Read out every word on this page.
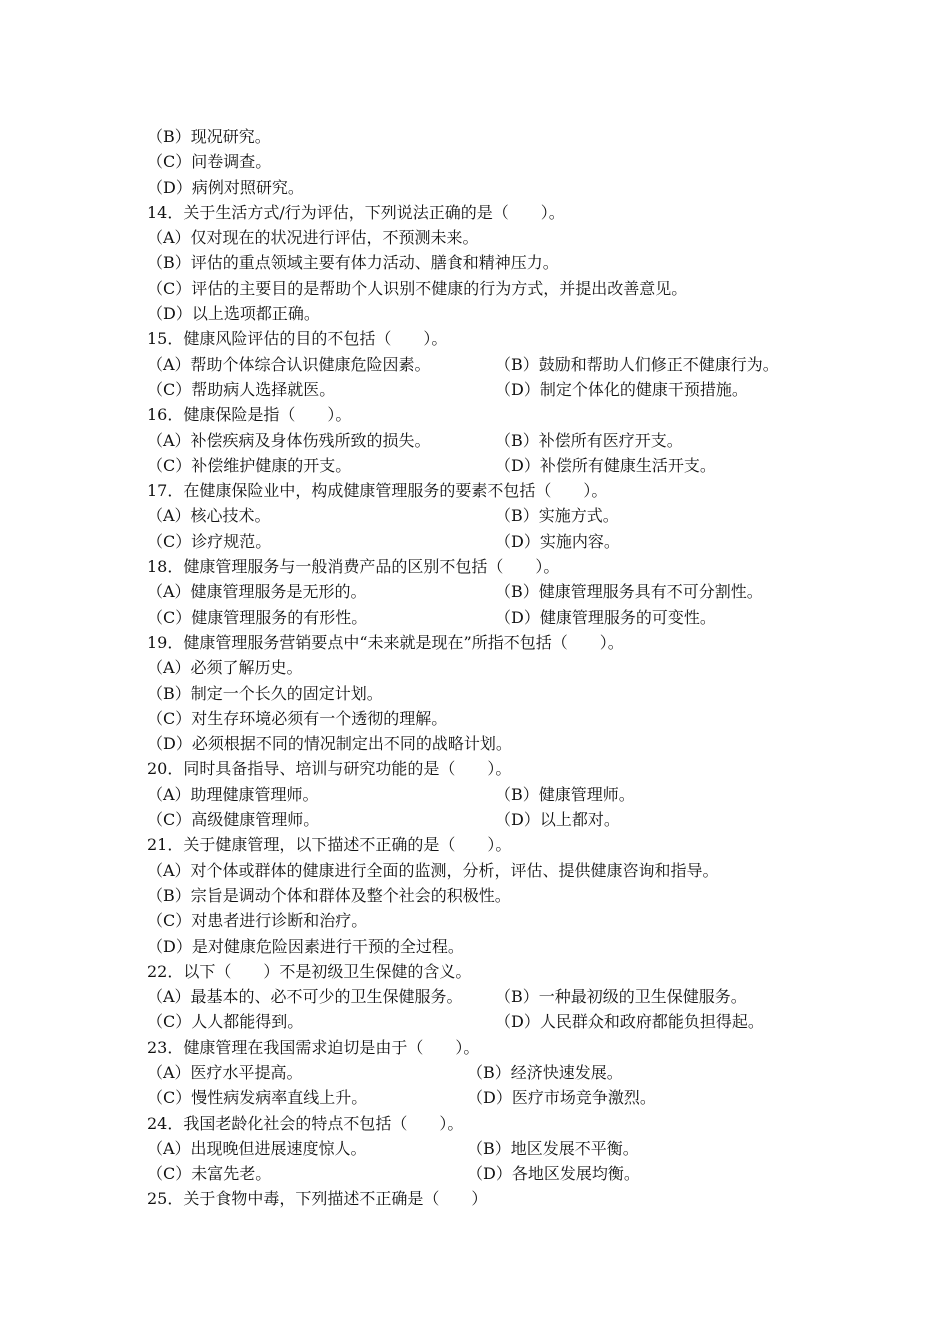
（B）现况研究。
（C）问卷调查。
（D）病例对照研究。
14．关于生活方式/行为评估，下列说法正确的是（　　）。
（A）仅对现在的状况进行评估，不预测未来。
（B）评估的重点领域主要有体力活动、膳食和精神压力。
（C）评估的主要目的是帮助个人识别不健康的行为方式，并提出改善意见。
（D）以上选项都正确。
15．健康风险评估的目的不包括（　　）。
（A）帮助个体综合认识健康危险因素。	（B）鼓励和帮助人们修正不健康行为。
（C）帮助病人选择就医。	（D）制定个体化的健康干预措施。
16．健康保险是指（　　）。
（A）补偿疾病及身体伤残所致的损失。	（B）补偿所有医疗开支。
（C）补偿维护健康的开支。	（D）补偿所有健康生活开支。
17．在健康保险业中，构成健康管理服务的要素不包括（　　）。
（A）核心技术。	（B）实施方式。
（C）诊疗规范。	（D）实施内容。
18．健康管理服务与一般消费产品的区别不包括（　　）。
（A）健康管理服务是无形的。	（B）健康管理服务具有不可分割性。
（C）健康管理服务的有形性。	（D）健康管理服务的可变性。
19．健康管理服务营销要点中“未来就是现在”所指不包括（　　）。
（A）必须了解历史。
（B）制定一个长久的固定计划。
（C）对生存环境必须有一个透彻的理解。
（D）必须根据不同的情况制定出不同的战略计划。
20．同时具备指导、培训与研究功能的是（　　）。
（A）助理健康管理师。	（B）健康管理师。
（C）高级健康管理师。	（D）以上都对。
21．关于健康管理，以下描述不正确的是（　　）。
（A）对个体或群体的健康进行全面的监测，分析，评估、提供健康咨询和指导。
（B）宗旨是调动个体和群体及整个社会的积极性。
（C）对患者进行诊断和治疗。
（D）是对健康危险因素进行干预的全过程。
22．以下（　　）不是初级卫生保健的含义。
（A）最基本的、必不可少的卫生保健服务。	（B）一种最初级的卫生保健服务。
（C）人人都能得到。	（D）人民群众和政府都能负担得起。
23．健康管理在我国需求迫切是由于（　　）。
（A）医疗水平提高。	（B）经济快速发展。
（C）慢性病发病率直线上升。	（D）医疗市场竞争激烈。
24．我国老龄化社会的特点不包括（　　）。
（A）出现晚但进展速度惊人。	（B）地区发展不平衡。
（C）未富先老。	（D）各地区发展均衡。
25．关于食物中毒，下列描述不正确是（　　）
